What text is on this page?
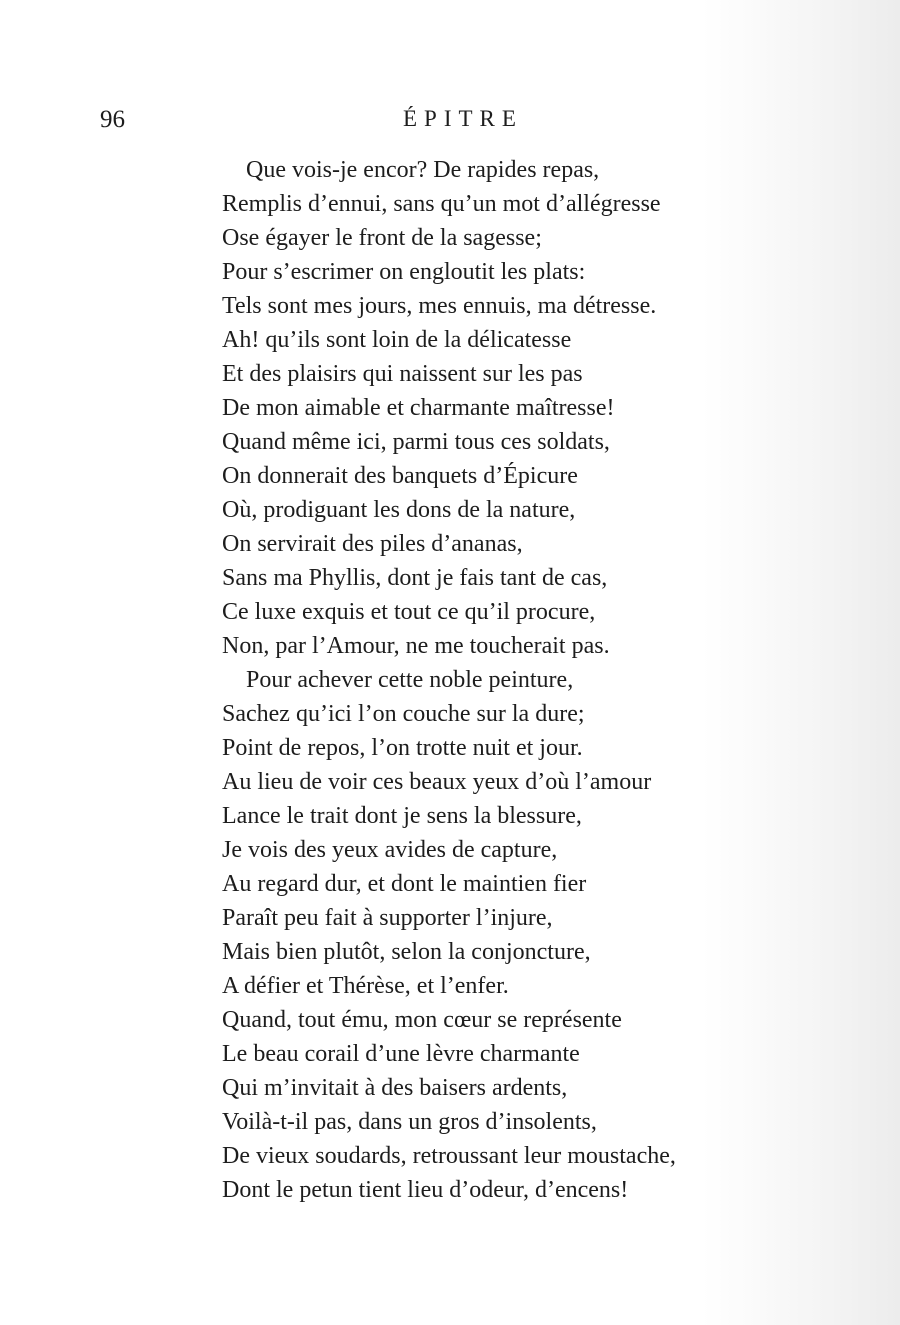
96	ÉPITRE
Que vois-je encor? De rapides repas,
Remplis d’ennui, sans qu’un mot d’allégresse
Ose égayer le front de la sagesse;
Pour s’escrimer on engloutit les plats:
Tels sont mes jours, mes ennuis, ma détresse.
Ah! qu’ils sont loin de la délicatesse
Et des plaisirs qui naissent sur les pas
De mon aimable et charmante maîtresse!
Quand même ici, parmi tous ces soldats,
On donnerait des banquets d’Épicure
Où, prodiguant les dons de la nature,
On servirait des piles d’ananas,
Sans ma Phyllis, dont je fais tant de cas,
Ce luxe exquis et tout ce qu’il procure,
Non, par l’Amour, ne me toucherait pas.
Pour achever cette noble peinture,
Sachez qu’ici l’on couche sur la dure;
Point de repos, l’on trotte nuit et jour.
Au lieu de voir ces beaux yeux d’où l’amour
Lance le trait dont je sens la blessure,
Je vois des yeux avides de capture,
Au regard dur, et dont le maintien fier
Paraît peu fait à supporter l’injure,
Mais bien plutôt, selon la conjoncture,
A défier et Thérèse, et l’enfer.
Quand, tout ému, mon cœur se représente
Le beau corail d’une lèvre charmante
Qui m’invitait à des baisers ardents,
Voilà-t-il pas, dans un gros d’insolents,
De vieux soudards, retroussant leur moustache,
Dont le petun tient lieu d’odeur, d’encens!
